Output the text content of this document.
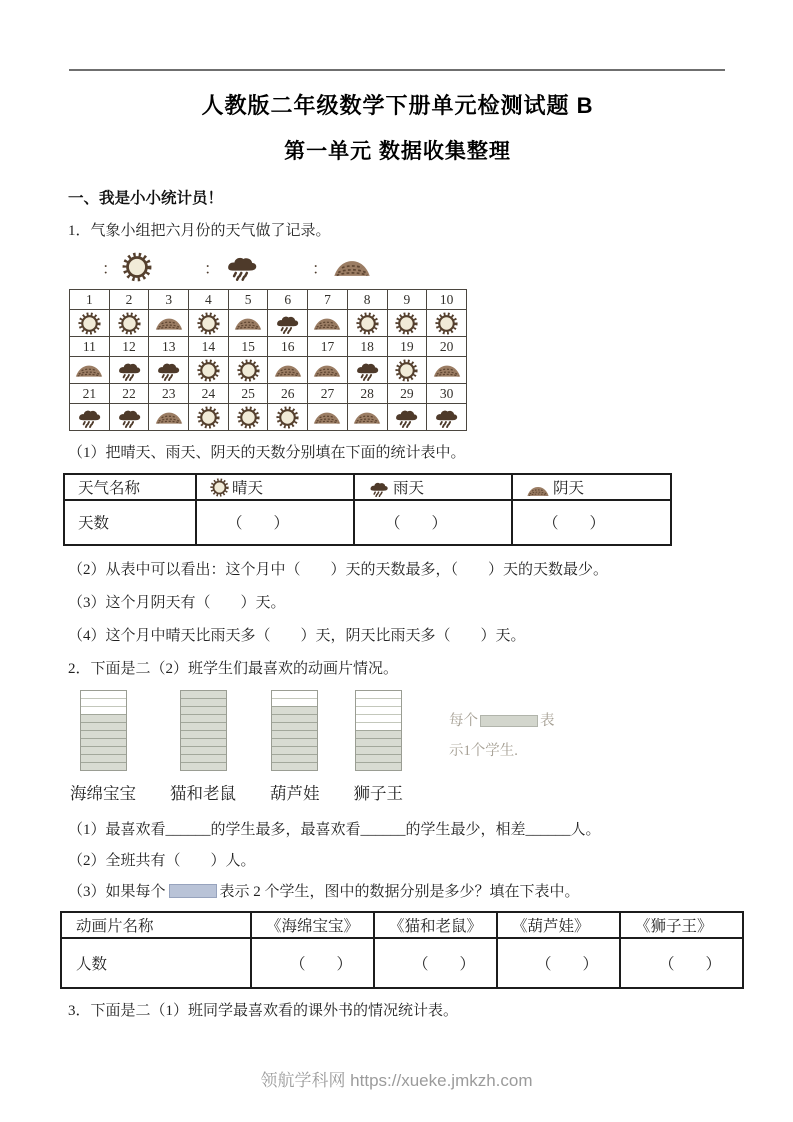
人教版二年级数学下册单元检测试题 B
第一单元 数据收集整理
一、我是小小统计员！

1．气象小组把六月份的天气做了记录。

：	：	：
1	2	3	4	5	6	7	8	9	10

11	12	13	14	15	16	17	18	19	20

21	22	23	24	25	26	27	28	29	30

（1）把晴天、雨天、阴天的天数分别填在下面的统计表中。

天气名称	晴天	雨天	阴天
天数	（　　）	（　　）	（　　）

（2）从表中可以看出：这个月中（　　）天的天数最多，（　　）天的天数最少。

（3）这个月阴天有（　　）天。

（4）这个月中晴天比雨天多（　　）天，阴天比雨天多（　　）天。

2．下面是二（2）班学生们最喜欢的动画片情况。

海绵宝宝 猫和老鼠 葫芦娃 狮子王
每个	表
示1个学生.

（1）最喜欢看______的学生最多，最喜欢看______的学生最少，相差______人。

（2）全班共有（　　）人。

（3）如果每个	表示 2 个学生，图中的数据分别是多少？填在下表中。

动画片名称	《海绵宝宝》	《猫和老鼠》	《葫芦娃》	《狮子王》
人数	（　　）	（　　）	（　　）	（　　）

3．下面是二（1）班同学最喜欢看的课外书的情况统计表。

领航学科网 https://xueke.jmkzh.com
